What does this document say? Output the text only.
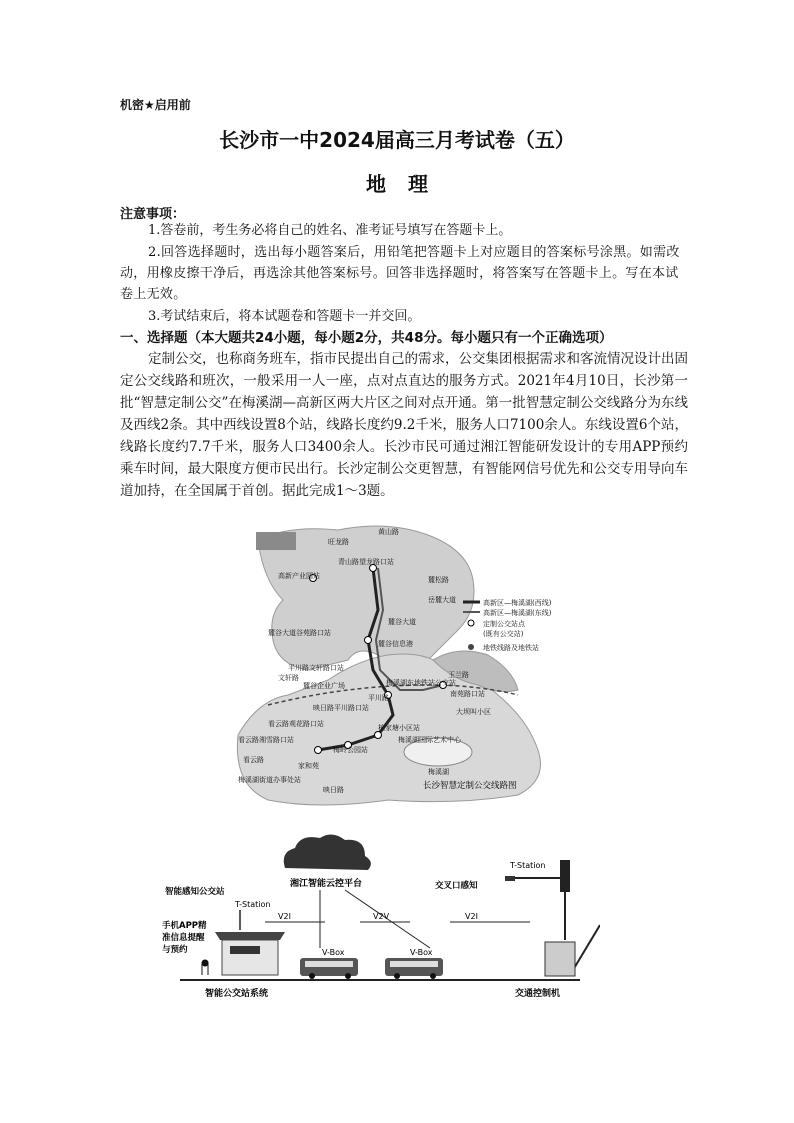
机密★启用前
长沙市一中2024届高三月考试卷（五）
地理
注意事项：

1.答卷前，考生务必将自己的姓名、准考证号填写在答题卡上。

2.回答选择题时，选出每小题答案后，用铅笔把答题卡上对应题目的答案标号涂黑。如需改动，用橡皮擦干净后，再选涂其他答案标号。回答非选择题时，将答案写在答题卡上。写在本试卷上无效。

3.考试结束后，将本试题卷和答题卡一并交回。

一、选择题（本大题共24小题，每小题2分，共48分。每小题只有一个正确选项）

定制公交，也称商务班车，指市民提出自己的需求，公交集团根据需求和客流情况设计出固定公交线路和班次，一般采用一人一座，点对点直达的服务方式。2021年4月10日，长沙第一批“智慧定制公交”在梅溪湖—高新区两大片区之间对点开通。第一批智慧定制公交线路分为东线及西线2条。其中西线设置8个站，线路长度约9.2千米，服务人口7100余人。东线设置6个站，线路长度约7.7千米，服务人口3400余人。长沙市民可通过湘江智能研发设计的专用APP预约乘车时间，最大限度方便市民出行。长沙定制公交更智慧，有智能网信号优先和公交专用导向车道加持，在全国属于首创。据此完成1～3题。

黄山路
旺龙路
青山路望龙路口站
高新产业园站	麓松路
麓谷大道
岳麓大道
麓谷大道谷苑路口站
麓谷信息港
文轩路
平川路文轩路口站
麓谷企业广场	梅溪湖东地铁站公交站
玉兰路
南苑路口站
映日路平川路口站
平川路
大坝叫小区
看云路观花路口站
看云路湘雪路口站
柏家塘小区站
看云路
梅岭公园站
梅溪湖国际艺术中心
家和苑
梅溪湖
梅溪湖街道办事处站
映日路
高新区—梅溪湖(西线)
高新区—梅溪湖(东线)
定制公交站点
(既有公交站)
地铁线路及地铁站
长沙智慧定制公交线路图
湘江智能云控平台
智能感知公交站
T-Station
手机APP精
准信息提醒
与预约
手机APP精准信息提醒与预约
V2I
V-Box
V2V
V-Box
V2I
交叉口感知
T-Station
智能公交站系统	交通控制机
